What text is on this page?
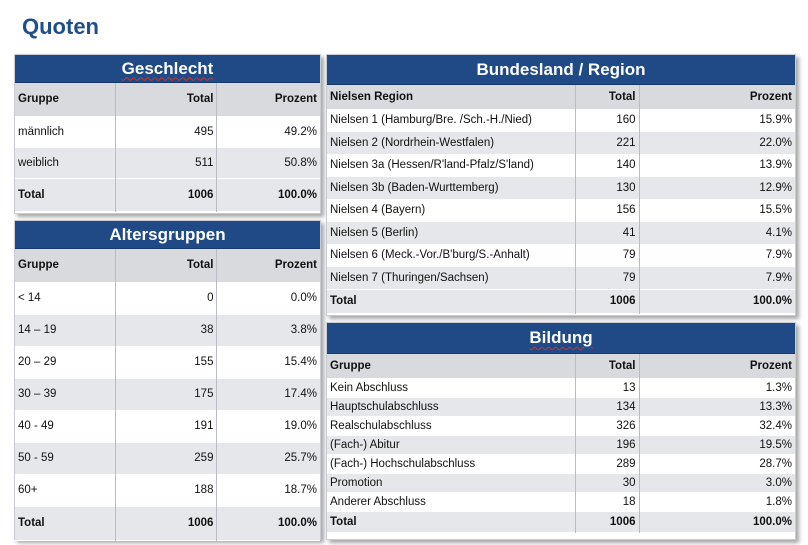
Quoten
Geschlecht
Gruppe	Total	Prozent
männlich	495	49.2%
weiblich	511	50.8%
Total	1006	100.0%
Altersgruppen
Gruppe	Total	Prozent
< 14	0	0.0%
14 – 19	38	3.8%
20 – 29	155	15.4%
30 – 39	175	17.4%
40 - 49	191	19.0%
50 - 59	259	25.7%
60+	188	18.7%
Total	1006	100.0%
Bundesland / Region
Nielsen Region	Total	Prozent
Nielsen 1 (Hamburg/Bre. /Sch.-H./Nied)	160	15.9%
Nielsen 2 (Nordrhein-Westfalen)	221	22.0%
Nielsen 3a (Hessen/R'land-Pfalz/S'land)	140	13.9%
Nielsen 3b (Baden-Wurttemberg)	130	12.9%
Nielsen 4 (Bayern)	156	15.5%
Nielsen 5 (Berlin)	41	4.1%
Nielsen 6 (Meck.-Vor./B'burg/S.-Anhalt)	79	7.9%
Nielsen 7 (Thuringen/Sachsen)	79	7.9%
Total	1006	100.0%
Bildung
Gruppe	Total	Prozent
Kein Abschluss	13	1.3%
Hauptschulabschluss	134	13.3%
Realschulabschluss	326	32.4%
(Fach-) Abitur	196	19.5%
(Fach-) Hochschulabschluss	289	28.7%
Promotion	30	3.0%
Anderer Abschluss	18	1.8%
Total	1006	100.0%
